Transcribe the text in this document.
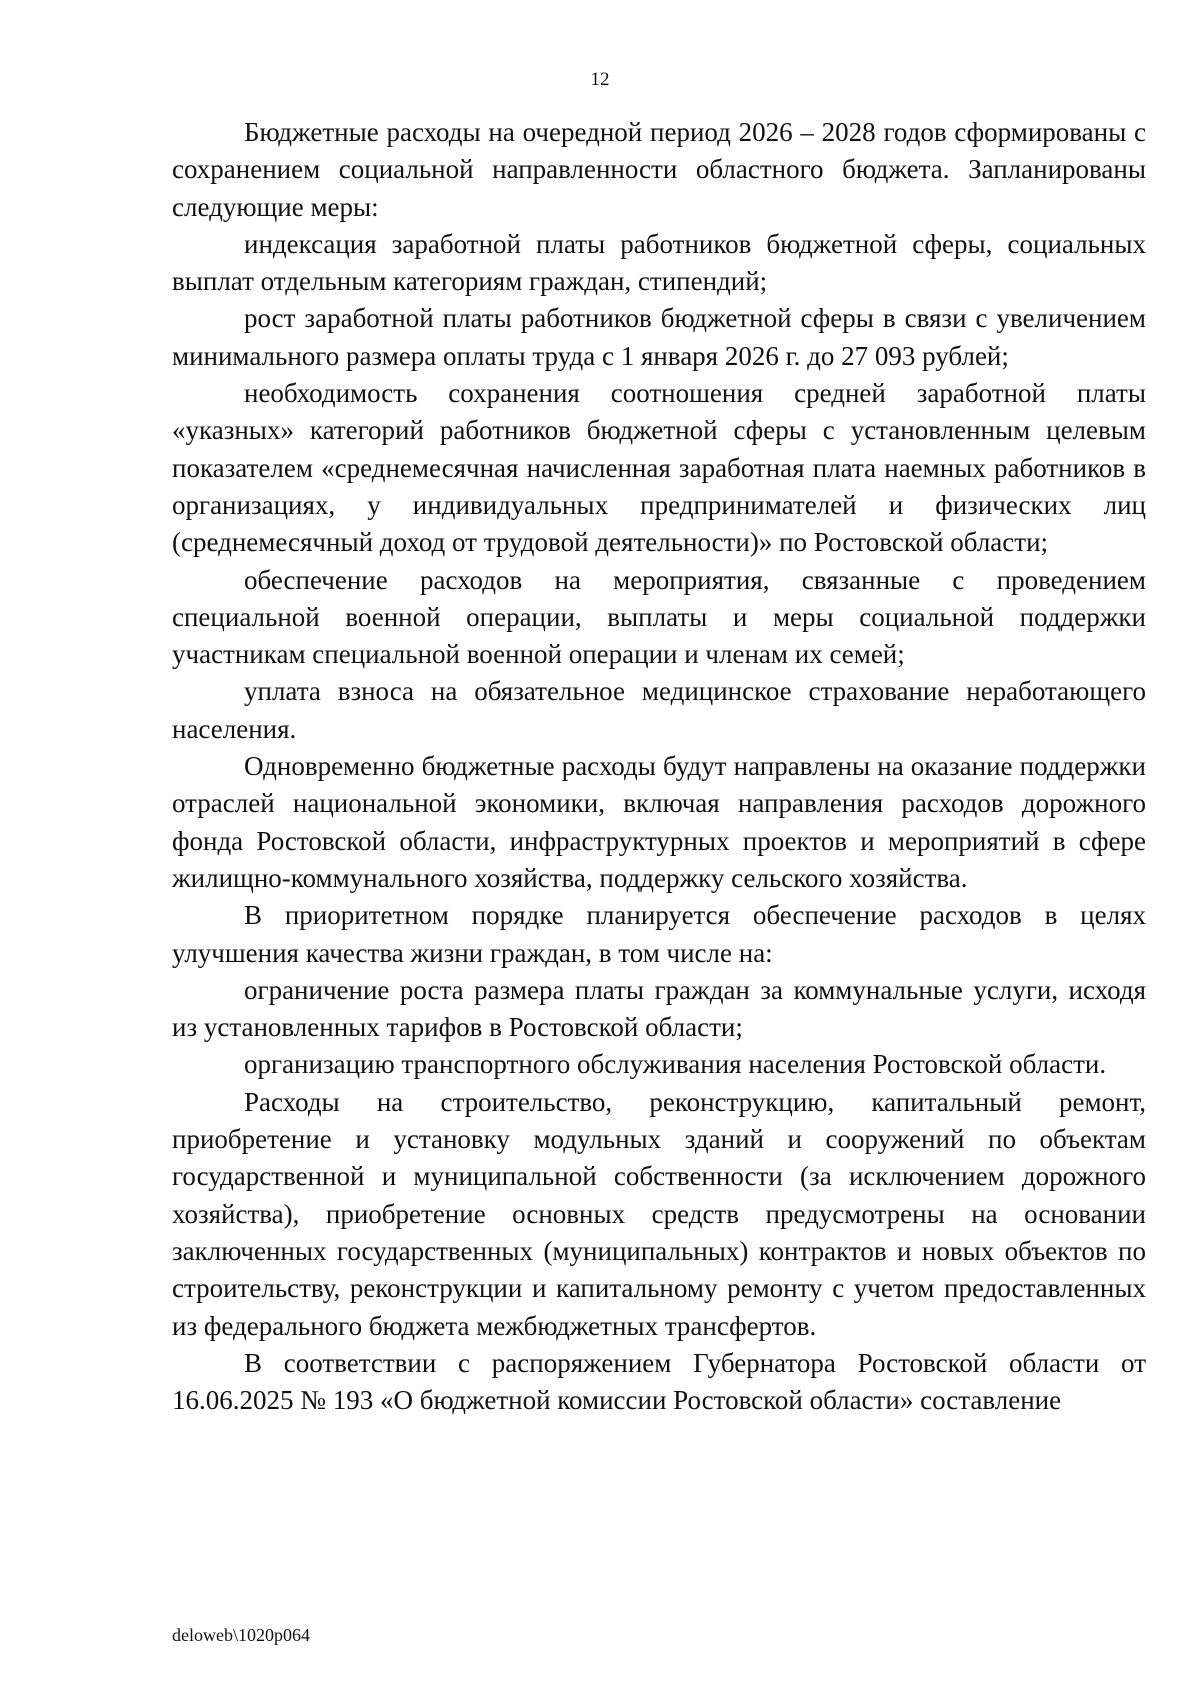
12

Бюджетные расходы на очередной период 2026 – 2028 годов сформированы с сохранением социальной направленности областного бюджета. Запланированы следующие меры:

индексация заработной платы работников бюджетной сферы, социальных выплат отдельным категориям граждан, стипендий;

рост заработной платы работников бюджетной сферы в связи с увеличением минимального размера оплаты труда с 1 января 2026 г. до 27 093 рублей;

необходимость сохранения соотношения средней заработной платы «указных» категорий работников бюджетной сферы с установленным целевым показателем «среднемесячная начисленная заработная плата наемных работников в организациях, у индивидуальных предпринимателей и физических лиц (среднемесячный доход от трудовой деятельности)» по Ростовской области;

обеспечение расходов на мероприятия, связанные с проведением специальной военной операции, выплаты и меры социальной поддержки участникам специальной военной операции и членам их семей;

уплата взноса на обязательное медицинское страхование неработающего населения.

Одновременно бюджетные расходы будут направлены на оказание поддержки отраслей национальной экономики, включая направления расходов дорожного фонда Ростовской области, инфраструктурных проектов и мероприятий в сфере жилищно-коммунального хозяйства, поддержку сельского хозяйства.

В приоритетном порядке планируется обеспечение расходов в целях улучшения качества жизни граждан, в том числе на:

ограничение роста размера платы граждан за коммунальные услуги, исходя из установленных тарифов в Ростовской области;

организацию транспортного обслуживания населения Ростовской области.

Расходы на строительство, реконструкцию, капитальный ремонт, приобретение и установку модульных зданий и сооружений по объектам государственной и муниципальной собственности (за исключением дорожного хозяйства), приобретение основных средств предусмотрены на основании заключенных государственных (муниципальных) контрактов и новых объектов по строительству, реконструкции и капитальному ремонту с учетом предоставленных из федерального бюджета межбюджетных трансфертов.

В соответствии с распоряжением Губернатора Ростовской области от 16.06.2025 № 193 «О бюджетной комиссии Ростовской области» составление

deloweb\1020p064
